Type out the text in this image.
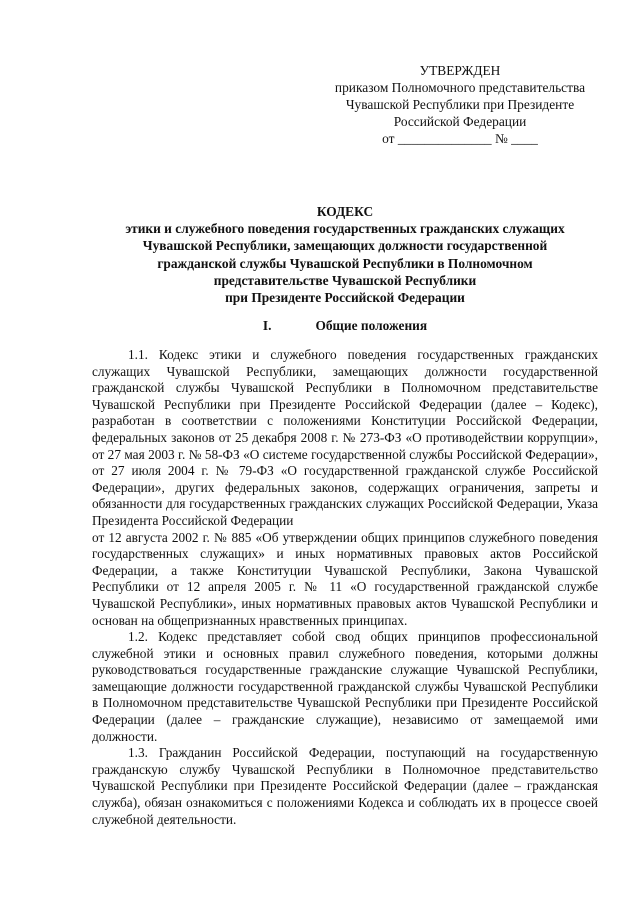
УТВЕРЖДЕН
приказом Полномочного представительства
Чувашской Республики при Президенте
Российской Федерации
от ______________ № ____
КОДЕКС
этики и служебного поведения государственных гражданских служащих
Чувашской Республики, замещающих должности государственной
гражданской службы Чувашской Республики в Полномочном
представительстве Чувашской Республики
при Президенте Российской Федерации
I.	Общие положения

1.1. Кодекс этики и служебного поведения государственных гражданских служащих Чувашской Республики, замещающих должности государственной гражданской службы Чувашской Республики в Полномочном представительстве Чувашской Республики при Президенте Российской Федерации (далее – Кодекс), разработан в соответствии с положениями Конституции Российской Федерации, федеральных законов от 25 декабря 2008 г. № 273-ФЗ «О противодействии коррупции», от 27 мая 2003 г. № 58-ФЗ «О системе государственной службы Российской Федерации», от 27 июля 2004 г. № 79-ФЗ «О государственной гражданской службе Российской Федерации», других федеральных законов, содержащих ограничения, запреты и обязанности для государственных гражданских служащих Российской Федерации, Указа Президента Российской Федерации

от 12 августа 2002 г. № 885 «Об утверждении общих принципов служебного поведения государственных служащих» и иных нормативных правовых актов Российской Федерации, а также Конституции Чувашской Республики, Закона Чувашской Республики от 12 апреля 2005 г. № 11 «О государственной гражданской службе Чувашской Республики», иных нормативных правовых актов Чувашской Республики и основан на общепризнанных нравственных принципах.

1.2. Кодекс представляет собой свод общих принципов профессиональной служебной этики и основных правил служебного поведения, которыми должны руководствоваться государственные гражданские служащие Чувашской Республики, замещающие должности государственной гражданской службы Чувашской Республики в Полномочном представительстве Чувашской Республики при Президенте Российской Федерации (далее – гражданские служащие), независимо от замещаемой ими должности.

1.3. Гражданин Российской Федерации, поступающий на государственную гражданскую службу Чувашской Республики в Полномочное представительство Чувашской Республики при Президенте Российской Федерации (далее – гражданская служба), обязан ознакомиться с положениями Кодекса и соблюдать их в процессе своей служебной деятельности.
